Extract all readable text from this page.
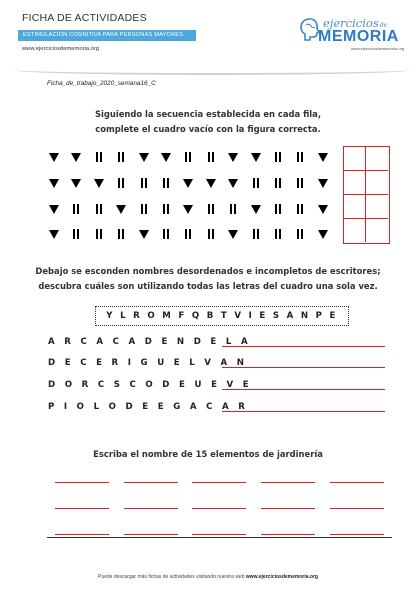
FICHA DE ACTIVIDADES
ESTIMULACIÓN COGNITIVA PARA PERSONAS MAYORES
www.ejerciciosdememoria.org
ejerciciosde
MEMORIA
www.ejerciciosdememoria.org
Ficha_de_trabajo_2020_semana16_C
Siguiendo la secuencia establecida en cada fila,
complete el cuadro vacío con la figura correcta.
Debajo se esconden nombres desordenados e incompletos de escritores;
descubra cuáles son utilizando todas las letras del cuadro una sola vez.
Y L R O M F Q B T V I E S A N P E
A R C A C A D E N D E L A
D E C E R I G U E L V A N
D O R C S C O D E U E V E
P I O L O D E E G A C A R
Escriba el nombre de 15 elementos de jardinería
Puede descargar más fichas de actividades visitando nuestra web www.ejerciciosdememoria.org
